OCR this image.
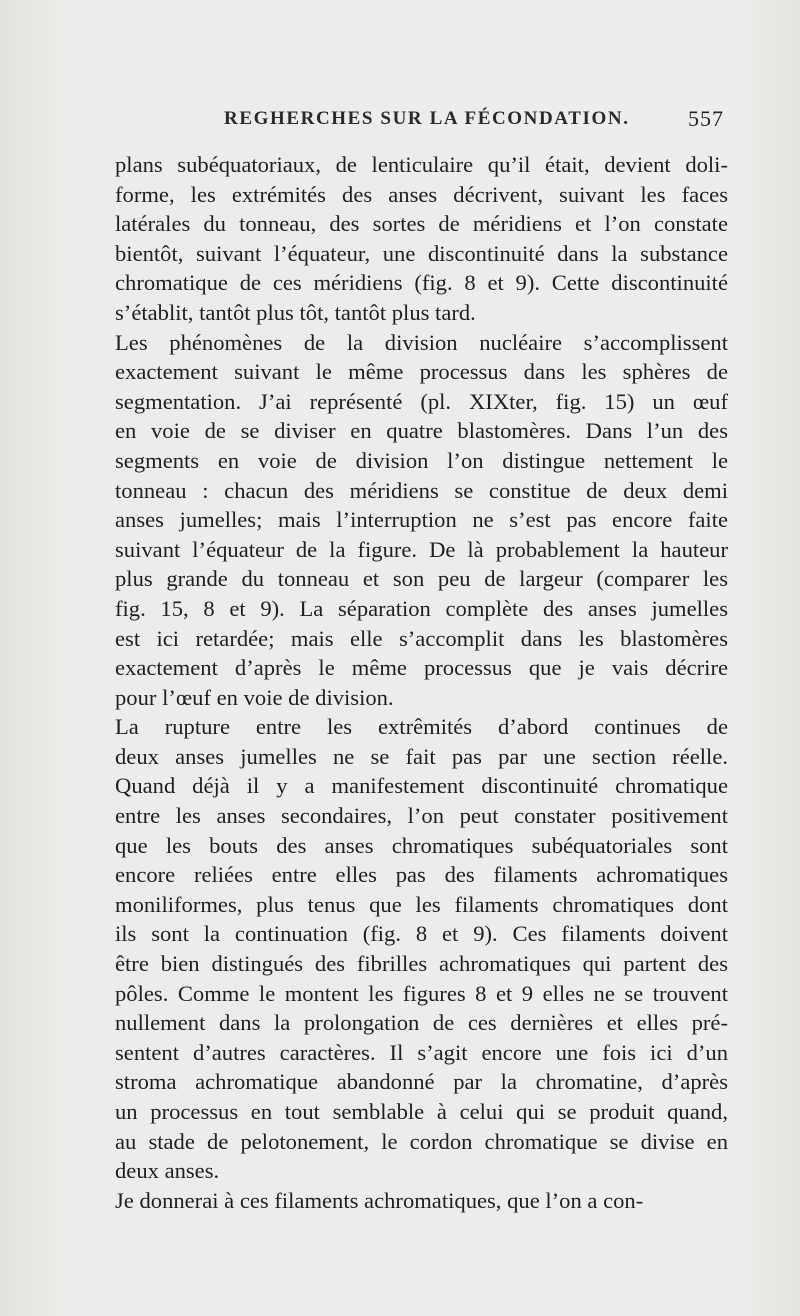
REGHERCHES SUR LA FÉCONDATION.	557

plans subéquatoriaux, de lenticulaire qu’il était, devient doli-
forme, les extrémités des anses décrivent, suivant les faces
latérales du tonneau, des sortes de méridiens et l’on constate
bientôt, suivant l’équateur, une discontinuité dans la substance
chromatique de ces méridiens (fig. 8 et 9). Cette discontinuité
s’établit, tantôt plus tôt, tantôt plus tard.

Les phénomènes de la division nucléaire s’accomplissent
exactement suivant le même processus dans les sphères de
segmentation. J’ai représenté (pl. XIXter, fig. 15) un œuf
en voie de se diviser en quatre blastomères. Dans l’un des
segments en voie de division l’on distingue nettement le
tonneau : chacun des méridiens se constitue de deux demi
anses jumelles; mais l’interruption ne s’est pas encore faite
suivant l’équateur de la figure. De là probablement la hauteur
plus grande du tonneau et son peu de largeur (comparer les
fig. 15, 8 et 9). La séparation complète des anses jumelles
est ici retardée; mais elle s’accomplit dans les blastomères
exactement d’après le même processus que je vais décrire
pour l’œuf en voie de division.

La rupture entre les extrêmités d’abord continues de
deux anses jumelles ne se fait pas par une section réelle.
Quand déjà il y a manifestement discontinuité chromatique
entre les anses secondaires, l’on peut constater positivement
que les bouts des anses chromatiques subéquatoriales sont
encore reliées entre elles pas des filaments achromatiques
moniliformes, plus tenus que les filaments chromatiques dont
ils sont la continuation (fig. 8 et 9). Ces filaments doivent
être bien distingués des fibrilles achromatiques qui partent des
pôles. Comme le montent les figures 8 et 9 elles ne se trouvent
nullement dans la prolongation de ces dernières et elles pré-
sentent d’autres caractères. Il s’agit encore une fois ici d’un
stroma achromatique abandonné par la chromatine, d’après
un processus en tout semblable à celui qui se produit quand,
au stade de pelotonement, le cordon chromatique se divise en
deux anses.

Je donnerai à ces filaments achromatiques, que l’on a con-
